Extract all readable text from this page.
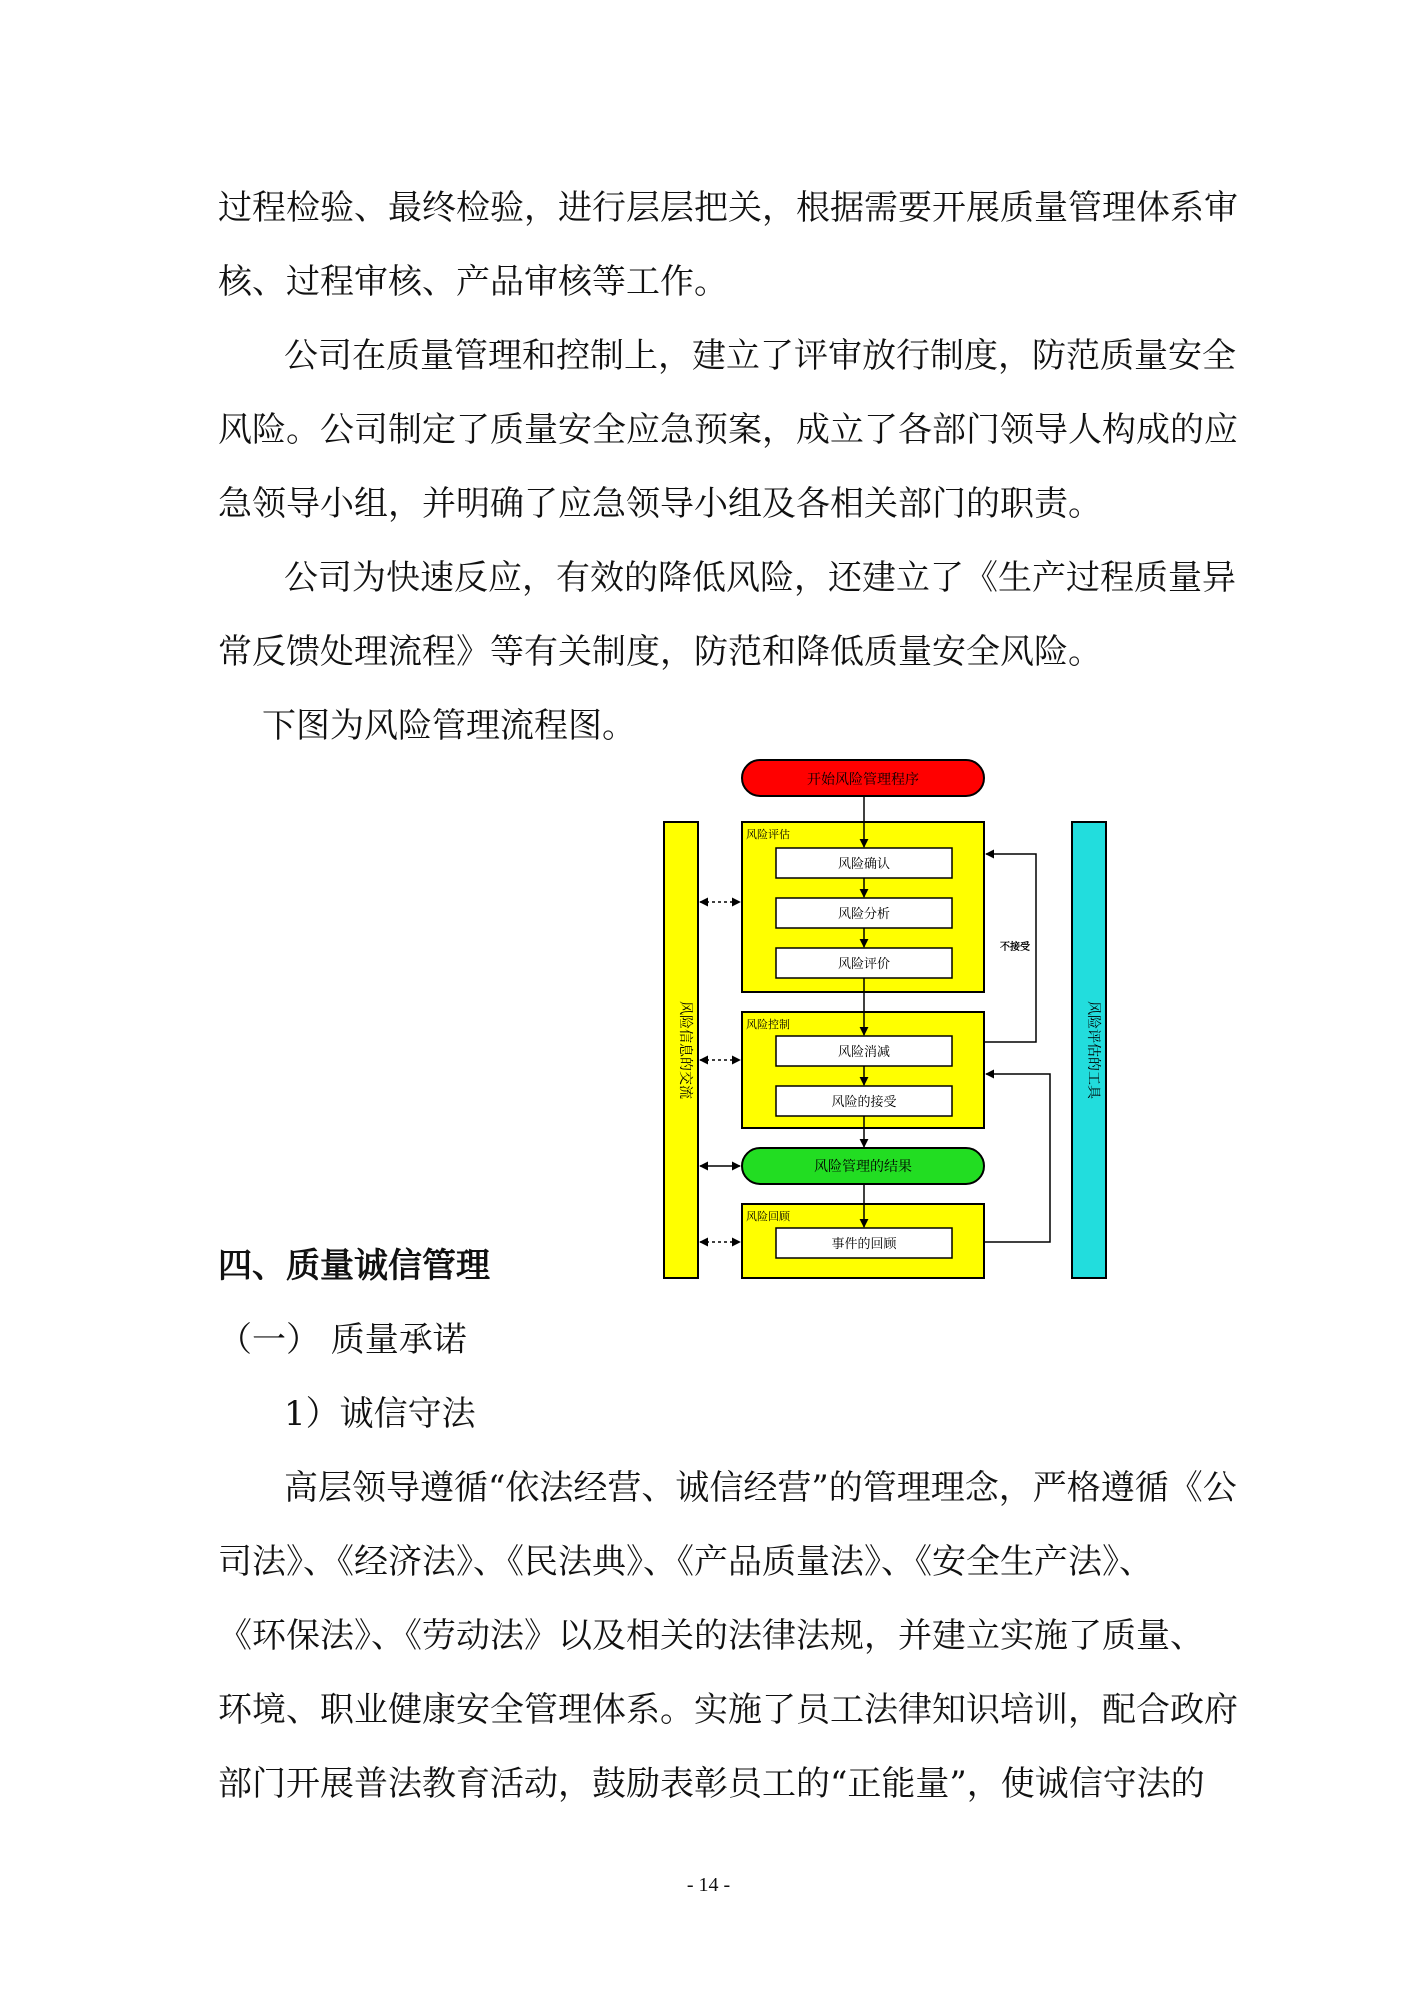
过程检验、最终检验，进行层层把关，根据需要开展质量管理体系审
核、过程审核、产品审核等工作。
公司在质量管理和控制上，建立了评审放行制度，防范质量安全
风险。公司制定了质量安全应急预案，成立了各部门领导人构成的应
急领导小组，并明确了应急领导小组及各相关部门的职责。
公司为快速反应，有效的降低风险，还建立了《生产过程质量异
常反馈处理流程》等有关制度，防范和降低质量安全风险。
下图为风险管理流程图。
开始风险管理程序
风险信息的交流	风险评估的工具
风险评估
风险确认
风险分析
风险评价
风险控制
风险消减
风险的接受
风险管理的结果
风险回顾
事件的回顾
不接受
四、质量诚信管理
（一） 质量承诺
1）诚信守法
高层领导遵循“依法经营、诚信经营”的管理理念，严格遵循《公
司法》、《经济法》、《民法典》、《产品质量法》、《安全生产法》、
《环保法》、《劳动法》以及相关的法律法规，并建立实施了质量、
环境、职业健康安全管理体系。实施了员工法律知识培训，配合政府
部门开展普法教育活动，鼓励表彰员工的“正能量”，使诚信守法的
- 14 -
